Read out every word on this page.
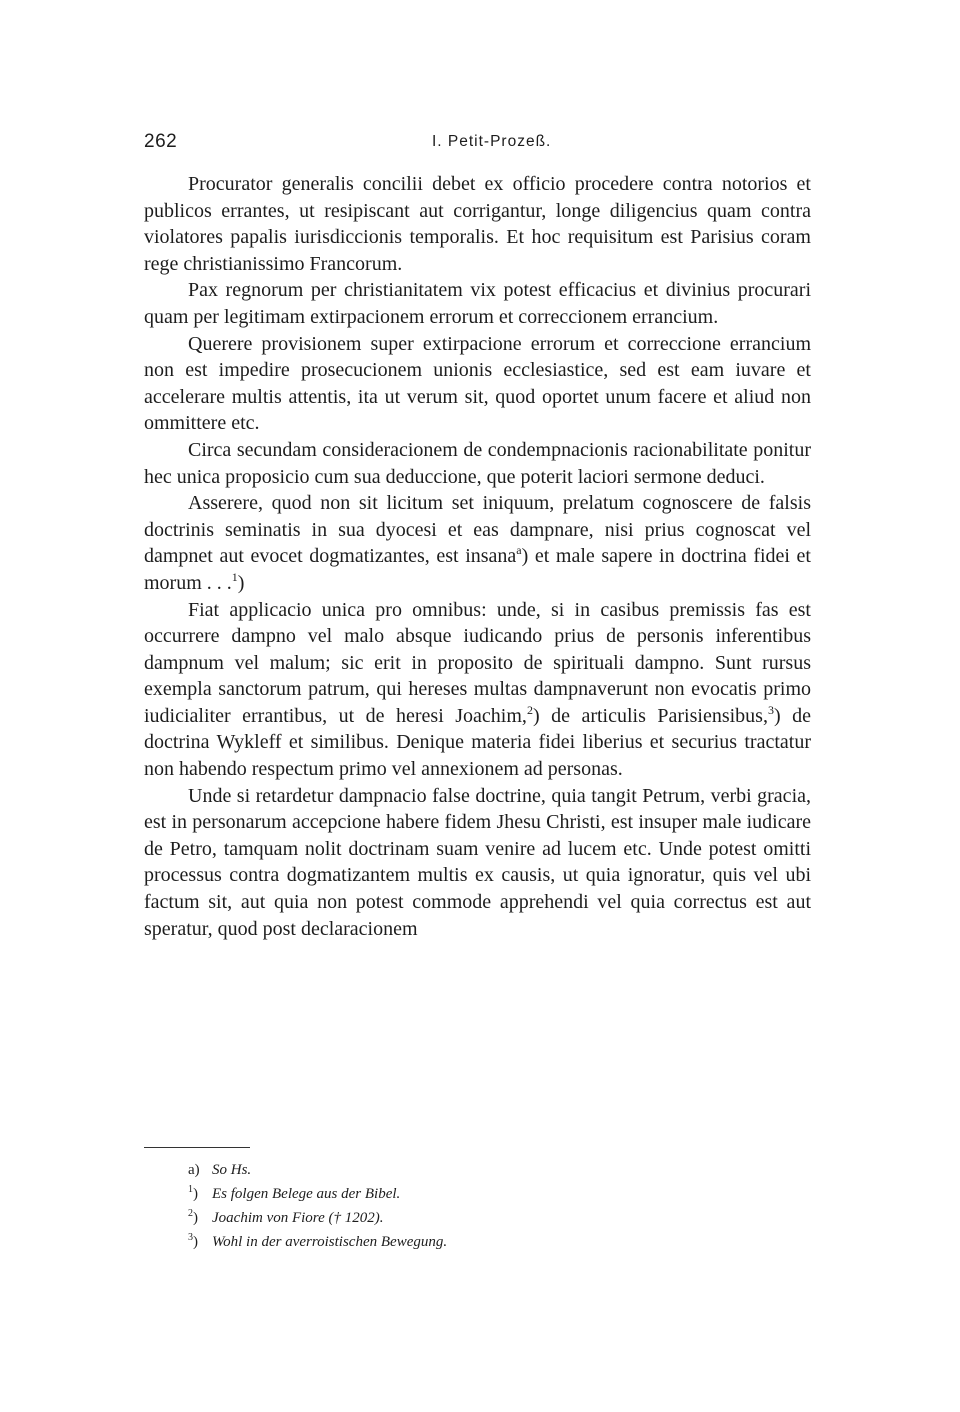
262	I. Petit-Prozeß.

Procurator generalis concilii debet ex officio procedere contra notorios et publicos errantes, ut resipiscant aut corrigantur, longe diligencius quam contra violatores papalis iurisdiccionis temporalis. Et hoc requisitum est Parisius coram rege christianissimo Francorum.

Pax regnorum per christianitatem vix potest efficacius et divinius procurari quam per legitimam extirpacionem errorum et correccionem errancium.

Querere provisionem super extirpacione errorum et correccione errancium non est impedire prosecucionem unionis ecclesiastice, sed est eam iuvare et accelerare multis attentis, ita ut verum sit, quod oportet unum facere et aliud non ommittere etc.

Circa secundam consideracionem de condempnacionis racionabilitate ponitur hec unica proposicio cum sua deduccione, que poterit laciori sermone deduci.

Asserere, quod non sit licitum set iniquum, prelatum cognoscere de falsis doctrinis seminatis in sua dyocesi et eas dampnare, nisi prius cognoscat vel dampnet aut evocet dogmatizantes, est insana$^a$) et male sapere in doctrina fidei et morum . . .$^1$)

Fiat applicacio unica pro omnibus: unde, si in casibus premissis fas est occurrere dampno vel malo absque iudicando prius de personis inferentibus dampnum vel malum; sic erit in proposito de spirituali dampno. Sunt rursus exempla sanctorum patrum, qui hereses multas dampnaverunt non evocatis primo iudicialiter errantibus, ut de heresi Joachim,$^2$) de articulis Parisiensibus,$^3$) de doctrina Wykleff et similibus. Denique materia fidei liberius et securius tractatur non habendo respectum primo vel annexionem ad personas.

Unde si retardetur dampnacio false doctrine, quia tangit Petrum, verbi gracia, est in personarum accepcione habere fidem Jhesu Christi, est insuper male iudicare de Petro, tamquam nolit doctrinam suam venire ad lucem etc. Unde potest omitti processus contra dogmatizantem multis ex causis, ut quia ignoratur, quis vel ubi factum sit, aut quia non potest commode apprehendi vel quia correctus est aut speratur, quod post declaracionem

a) So Hs.
$^1$) Es folgen Belege aus der Bibel.
$^2$) Joachim von Fiore († 1202).
$^3$) Wohl in der averroistischen Bewegung.
